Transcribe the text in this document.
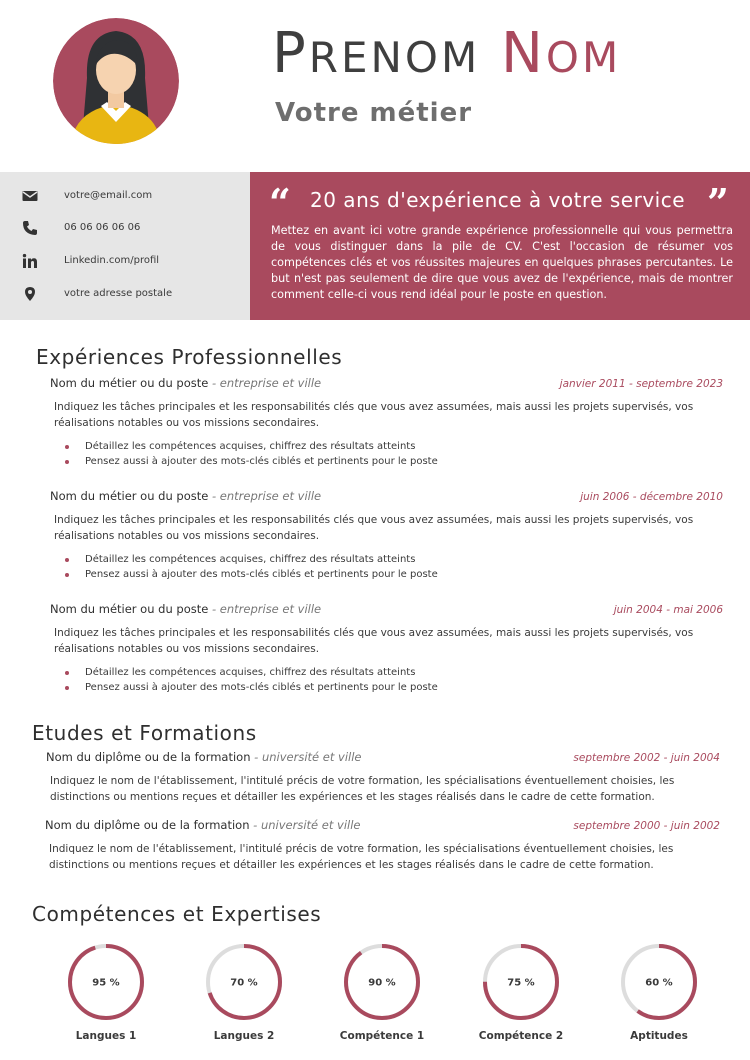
PRENOM NOM
Votre métier
votre@email.com
06 06 06 06 06
Linkedin.com/profil
votre adresse postale
“ 20 ans d'expérience à votre service ”
Mettez en avant ici votre grande expérience professionnelle qui vous permettra de vous distinguer dans la pile de CV. C'est l'occasion de résumer vos compétences clés et vos réussites majeures en quelques phrases percutantes. Le but n'est pas seulement de dire que vous avez de l'expérience, mais de montrer comment celle-ci vous rend idéal pour le poste en question.
Expériences Professionnelles
Nom du métier ou du poste - entreprise et ville	janvier 2011 - septembre 2023
Indiquez les tâches principales et les responsabilités clés que vous avez assumées, mais aussi les projets supervisés, vos réalisations notables ou vos missions secondaires.
Détaillez les compétences acquises, chiffrez des résultats atteints
Pensez aussi à ajouter des mots-clés ciblés et pertinents pour le poste
Nom du métier ou du poste - entreprise et ville	juin 2006 - décembre 2010
Indiquez les tâches principales et les responsabilités clés que vous avez assumées, mais aussi les projets supervisés, vos réalisations notables ou vos missions secondaires.
Détaillez les compétences acquises, chiffrez des résultats atteints
Pensez aussi à ajouter des mots-clés ciblés et pertinents pour le poste
Nom du métier ou du poste - entreprise et ville	juin 2004 - mai 2006
Indiquez les tâches principales et les responsabilités clés que vous avez assumées, mais aussi les projets supervisés, vos réalisations notables ou vos missions secondaires.
Détaillez les compétences acquises, chiffrez des résultats atteints
Pensez aussi à ajouter des mots-clés ciblés et pertinents pour le poste
Etudes et Formations
Nom du diplôme ou de la formation - université et ville	septembre 2002 - juin 2004
Indiquez le nom de l'établissement, l'intitulé précis de votre formation, les spécialisations éventuellement choisies, les distinctions ou mentions reçues et détailler les expériences et les stages réalisés dans le cadre de cette formation.
Nom du diplôme ou de la formation - université et ville	septembre 2000 - juin 2002
Indiquez le nom de l'établissement, l'intitulé précis de votre formation, les spécialisations éventuellement choisies, les distinctions ou mentions reçues et détailler les expériences et les stages réalisés dans le cadre de cette formation.
Compétences et Expertises
95 %
Langues 1
70 %
Langues 2
90 %
Compétence 1
75 %
Compétence 2
60 %
Aptitudes
